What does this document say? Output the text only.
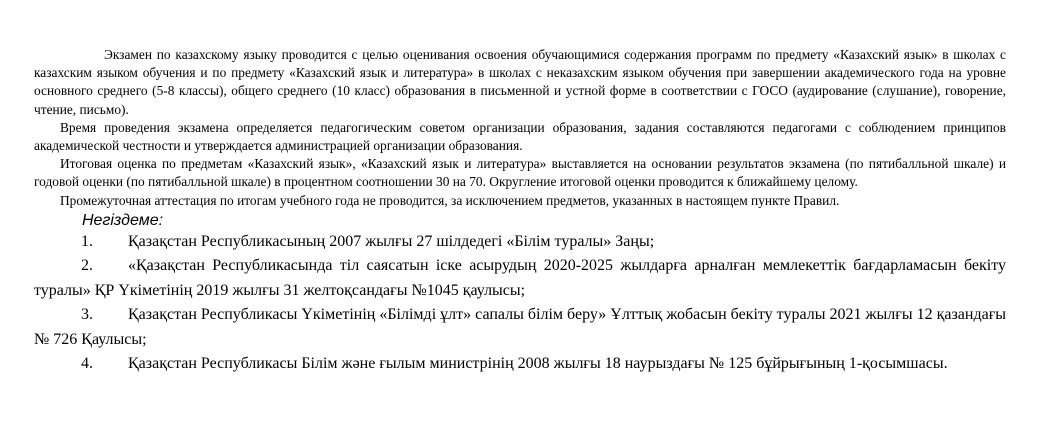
Экзамен по казахскому языку проводится с целью оценивания освоения обучающимися содержания программ по предмету «Казахский язык» в школах с казахским языком обучения и по предмету «Казахский язык и литература» в школах с неказахским языком обучения при завершении академического года на уровне основного среднего (5-8 классы), общего среднего (10 класс) образования в письменной и устной форме в соответствии с ГОСО (аудирование (слушание), говорение, чтение, письмо).

Время проведения экзамена определяется педагогическим советом организации образования, задания составляются педагогами с соблюдением принципов академической честности и утверждается администрацией организации образования.

Итоговая оценка по предметам «Казахский язык», «Казахский язык и литература» выставляется на основании результатов экзамена (по пятибалльной шкале) и годовой оценки (по пятибалльной шкале) в процентном соотношении 30 на 70. Округление итоговой оценки проводится к ближайшему целому.

Промежуточная аттестация по итогам учебного года не проводится, за исключением предметов, указанных в настоящем пункте Правил.

Негiздеме:
1. Қазақстан Республикасының 2007 жылғы 27 шiлдедегi «Бiлiм туралы» Заңы;
2. «Қазақстан Республикасында тiл саясатын iске асырудың 2020-2025 жылдарға арналған мемлекеттiк бағдарламасын бекiту туралы» ҚР Үкiметiнiң 2019 жылғы 31 желтоқсандағы №1045 қаулысы;
3. Қазақстан Республикасы Үкiметiнiң «Бiлiмдi ұлт» сапалы бiлiм беру» Ұлттық жобасын бекiту туралы 2021 жылғы 12 қазандағы № 726 Қаулысы;
4. Қазақстан Республикасы Бiлiм және ғылым министрiнiң 2008 жылғы 18 наурыздағы № 125 бұйрығының 1-қосымшасы.
